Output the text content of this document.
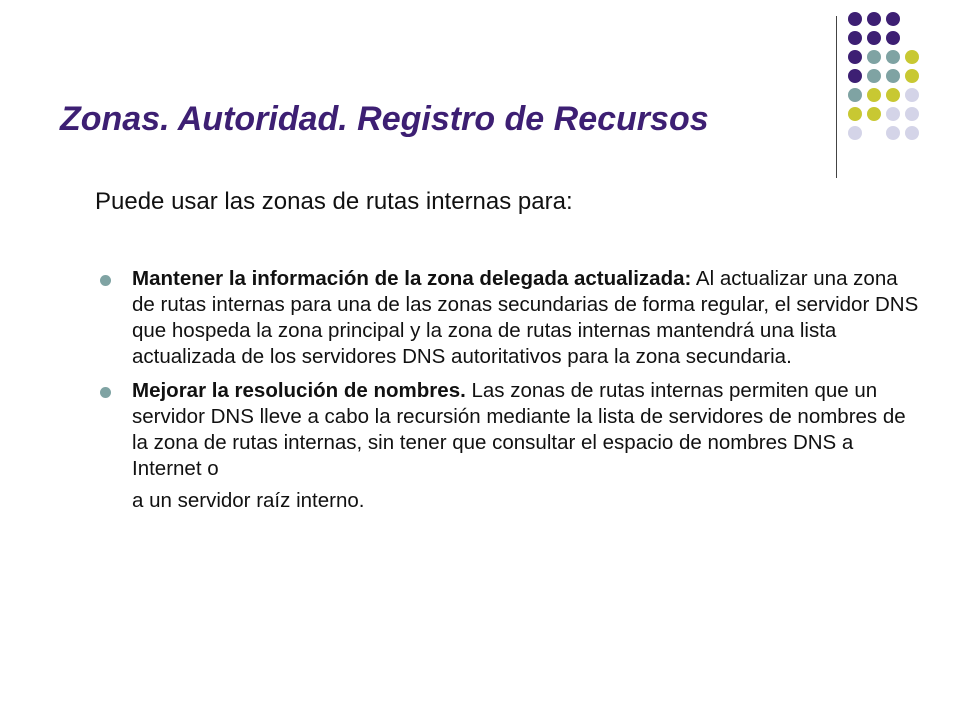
Zonas. Autoridad. Registro de Recursos
Puede usar las zonas de rutas internas para:
Mantener la información de la zona delegada actualizada: Al actualizar una zona de rutas internas para una de las zonas secundarias de forma regular, el servidor DNS que hospeda la zona principal y la zona de rutas internas mantendrá una lista actualizada de los servidores DNS autoritativos para la zona secundaria.
Mejorar la resolución de nombres. Las zonas de rutas internas permiten que un servidor DNS lleve a cabo la recursión mediante la lista de servidores de nombres de la zona de rutas internas, sin tener que consultar el espacio de nombres DNS a Internet o
a un servidor raíz interno.
